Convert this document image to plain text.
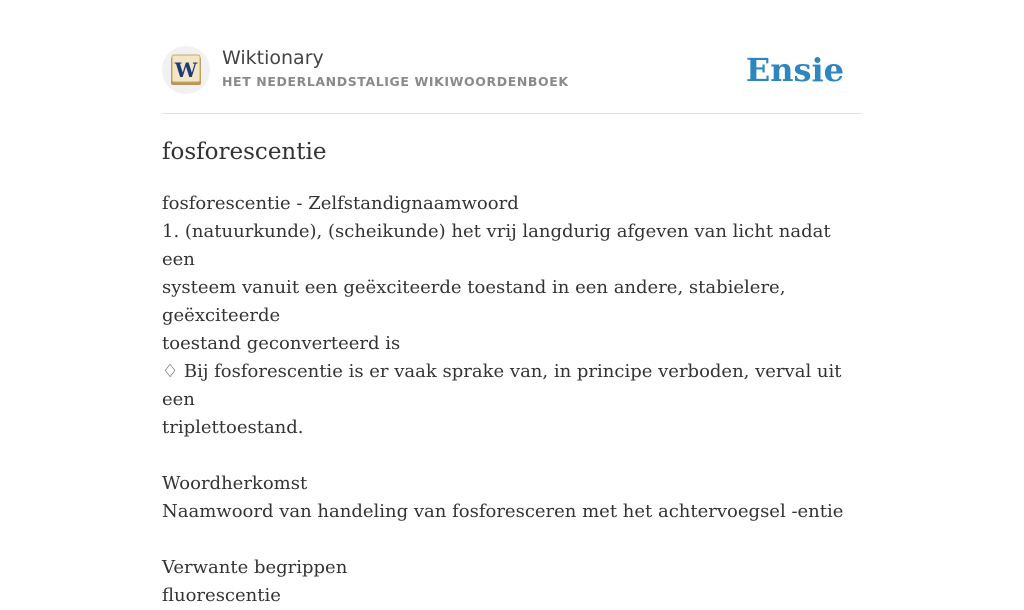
W Wiktionary
HET NEDERLANDSTALIGE WIKIWOORDENBOEK	Ensie
fosforescentie
fosforescentie - Zelfstandignaamwoord
1. (natuurkunde), (scheikunde) het vrij langdurig afgeven van licht nadat een
systeem vanuit een geëxciteerde toestand in een andere, stabielere, geëxciteerde
toestand geconverteerd is
♢ Bij fosforescentie is er vaak sprake van, in principe verboden, verval uit een
triplettoestand.
Woordherkomst
Naamwoord van handeling van fosforesceren met het achtervoegsel -entie
Verwante begrippen
fluorescentie
